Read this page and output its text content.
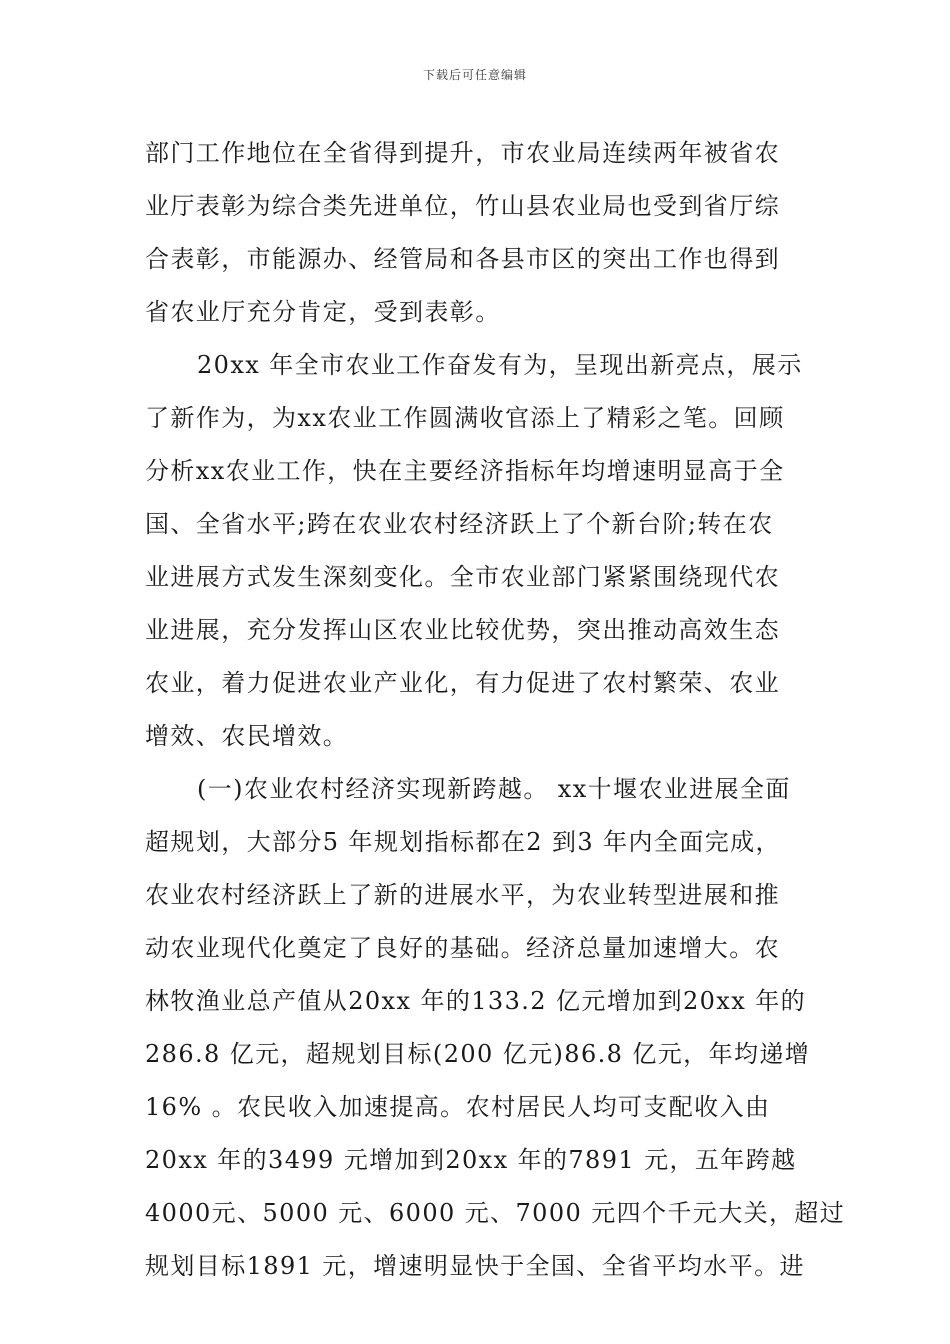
下载后可任意编辑
部门工作地位在全省得到提升，市农业局连续两年被省农
业厅表彰为综合类先进单位，竹山县农业局也受到省厅综
合表彰，市能源办、经管局和各县市区的突出工作也得到
省农业厅充分肯定，受到表彰。
20xx 年全市农业工作奋发有为，呈现出新亮点，展示
了新作为，为xx农业工作圆满收官添上了精彩之笔。回顾
分析xx农业工作，快在主要经济指标年均增速明显高于全
国、全省水平;跨在农业农村经济跃上了个新台阶;转在农
业进展方式发生深刻变化。全市农业部门紧紧围绕现代农
业进展，充分发挥山区农业比较优势，突出推动高效生态
农业，着力促进农业产业化，有力促进了农村繁荣、农业
增效、农民增效。
(一)农业农村经济实现新跨越。 xx十堰农业进展全面
超规划，大部分5 年规划指标都在2 到3 年内全面完成，
农业农村经济跃上了新的进展水平，为农业转型进展和推
动农业现代化奠定了良好的基础。经济总量加速增大。农
林牧渔业总产值从20xx 年的133.2 亿元增加到20xx 年的
286.8 亿元，超规划目标(200 亿元)86.8 亿元，年均递增
16% 。农民收入加速提高。农村居民人均可支配收入由
20xx 年的3499 元增加到20xx 年的7891 元，五年跨越
4000元、5000 元、6000 元、7000 元四个千元大关，超过
规划目标1891 元，增速明显快于全国、全省平均水平。进
